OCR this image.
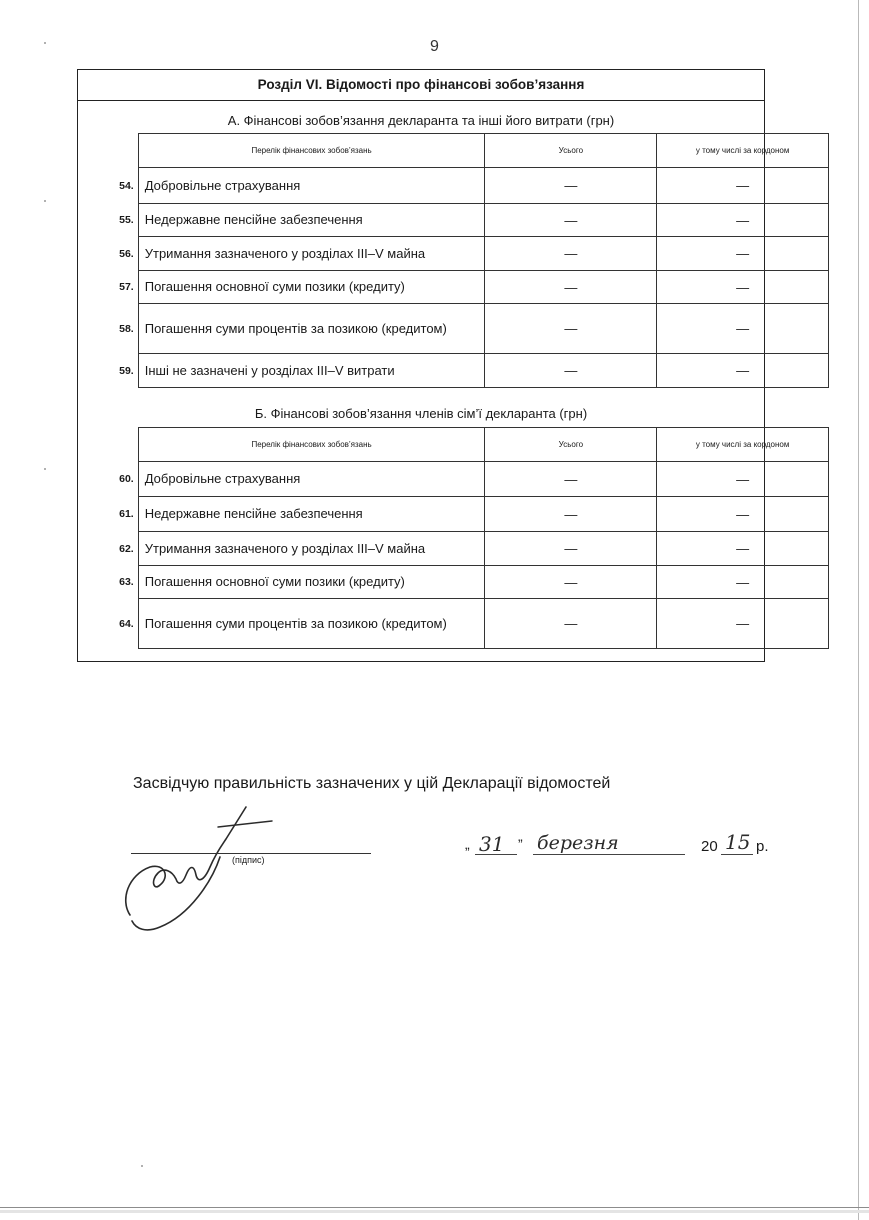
9
Розділ VI. Відомості про фінансові зобов’язання
А. Фінансові зобов’язання декларанта та інші його витрати (грн)
	Перелік фінансових зобов’язань	Усього	у тому числі за кордоном
54.	Добровільне страхування	—	—
55.	Недержавне пенсійне забезпечення	—	—
56.	Утримання зазначеного у розділах III–V майна	—	—
57.	Погашення основної суми позики (кредиту)	—	—
58.	Погашення суми процентів за позикою (кредитом)	—	—
59.	Інші не зазначені у розділах III–V витрати	—	—
Б. Фінансові зобов’язання членів сім’ї декларанта (грн)
	Перелік фінансових зобов’язань	Усього	у тому числі за кордоном
60.	Добровільне страхування	—	—
61.	Недержавне пенсійне забезпечення	—	—
62.	Утримання зазначеного у розділах III–V майна	—	—
63.	Погашення основної суми позики (кредиту)	—	—
64.	Погашення суми процентів за позикою (кредитом)	—	—
Засвідчую правильність зазначених у цій Декларації відомостей
(підпис)
„ 31 ” березня	20 15 р.
